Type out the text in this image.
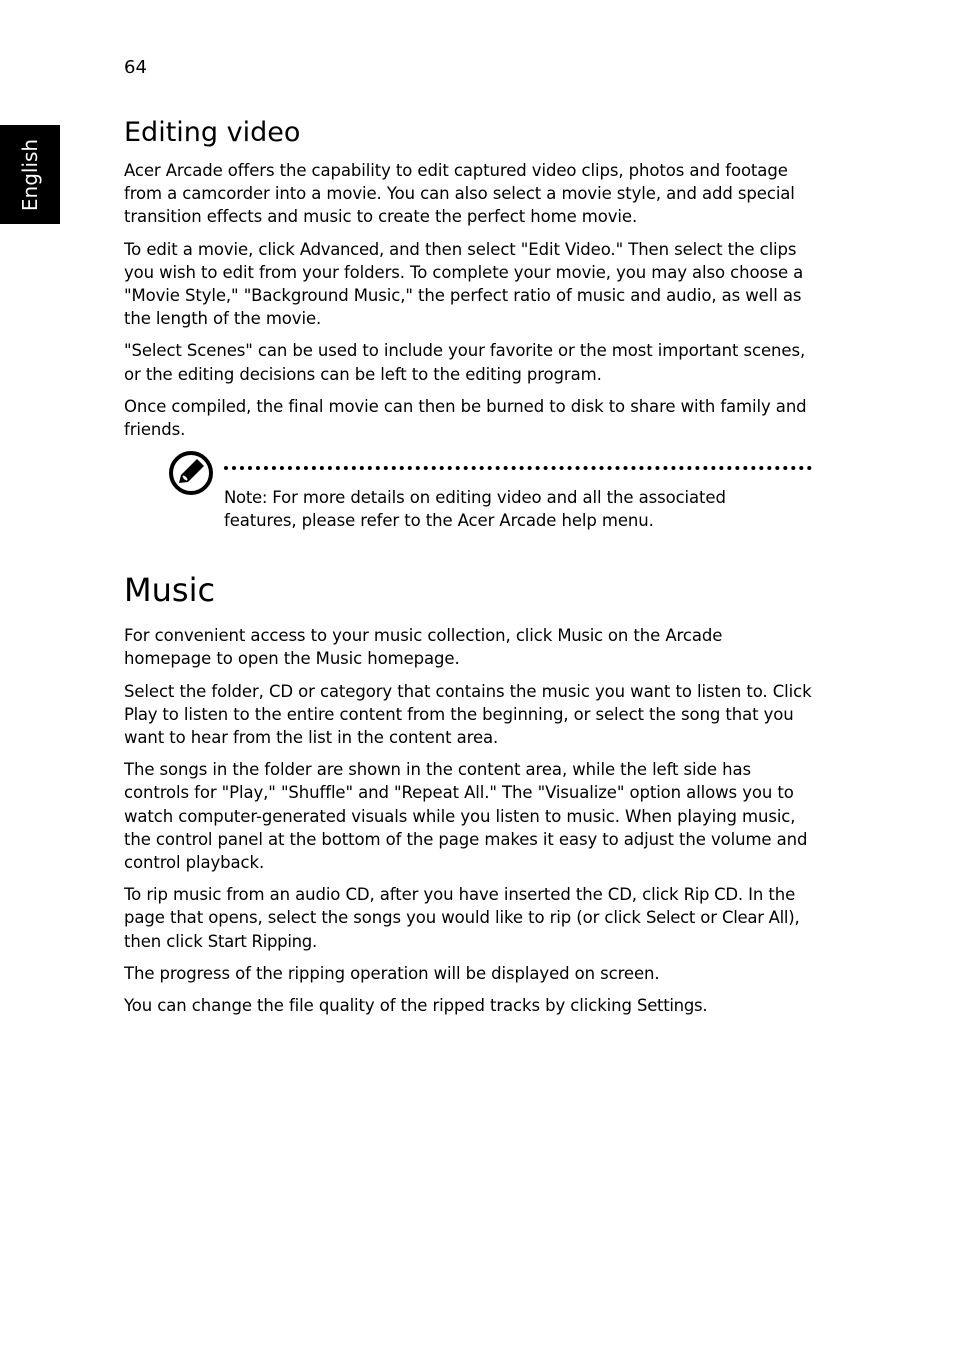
64
English
Editing video

Acer Arcade offers the capability to edit captured video clips, photos and footage from a camcorder into a movie. You can also select a movie style, and add special transition effects and music to create the perfect home movie.

To edit a movie, click Advanced, and then select "Edit Video." Then select the clips you wish to edit from your folders. To complete your movie, you may also choose a "Movie Style," "Background Music," the perfect ratio of music and audio, as well as the length of the movie.

"Select Scenes" can be used to include your favorite or the most important scenes, or the editing decisions can be left to the editing program.

Once compiled, the final movie can then be burned to disk to share with family and friends.

Note: For more details on editing video and all the associated features, please refer to the Acer Arcade help menu.

Music

For convenient access to your music collection, click Music on the Arcade homepage to open the Music homepage.

Select the folder, CD or category that contains the music you want to listen to. Click Play to listen to the entire content from the beginning, or select the song that you want to hear from the list in the content area.

The songs in the folder are shown in the content area, while the left side has controls for "Play," "Shuffle" and "Repeat All." The "Visualize" option allows you to watch computer-generated visuals while you listen to music. When playing music, the control panel at the bottom of the page makes it easy to adjust the volume and control playback.

To rip music from an audio CD, after you have inserted the CD, click Rip CD. In the page that opens, select the songs you would like to rip (or click Select or Clear All), then click Start Ripping.

The progress of the ripping operation will be displayed on screen.

You can change the file quality of the ripped tracks by clicking Settings.
